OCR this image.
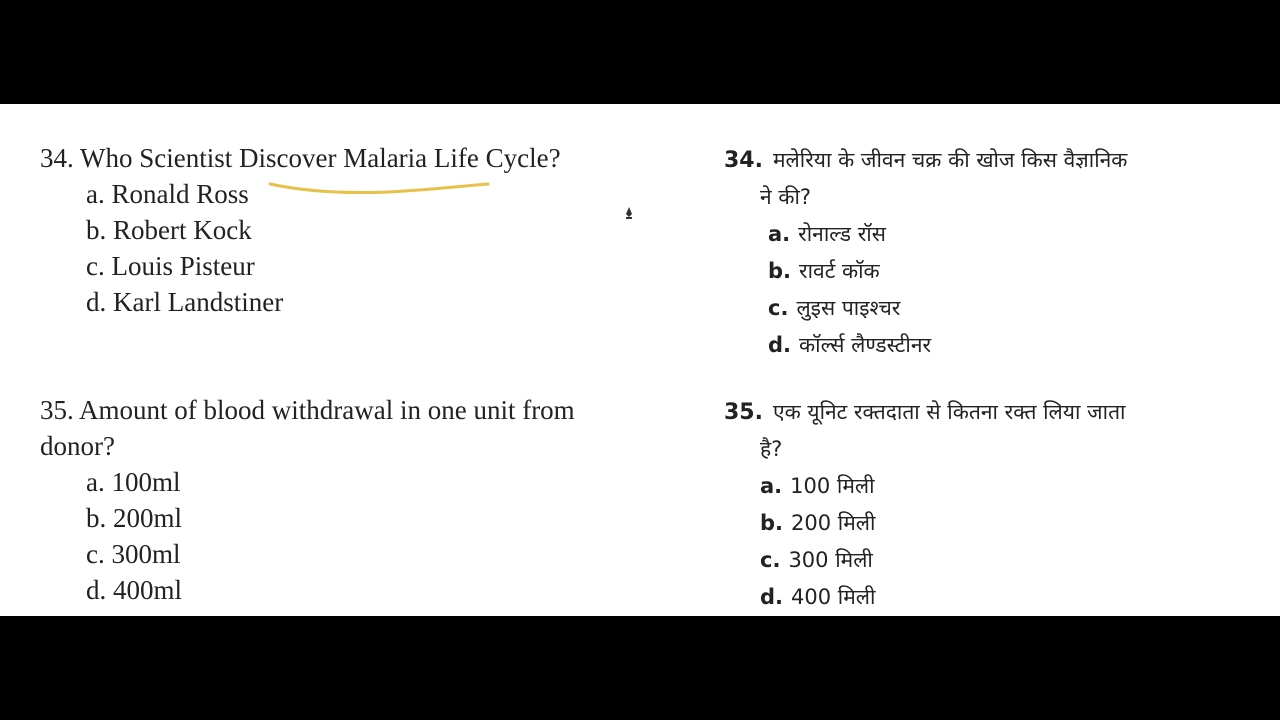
34. Who Scientist Discover Malaria Life Cycle?

a. Ronald Ross
b. Robert Kock
c. Louis Pisteur
d. Karl Landstiner

34. मलेरिया के जीवन चक्र की खोज किस वैज्ञानिक

ने की?

a. रोनाल्ड रॉस
b. रावर्ट कॉक
c. लुइस पाइश्चर
d. कॉर्ल्स लैण्डस्टीनर

35. Amount of blood withdrawal in one unit from

donor?

a. 100ml
b. 200ml
c. 300ml
d. 400ml

35. एक यूनिट रक्तदाता से कितना रक्त लिया जाता

है?

a. 100 मिली
b. 200 मिली
c. 300 मिली
d. 400 मिली
